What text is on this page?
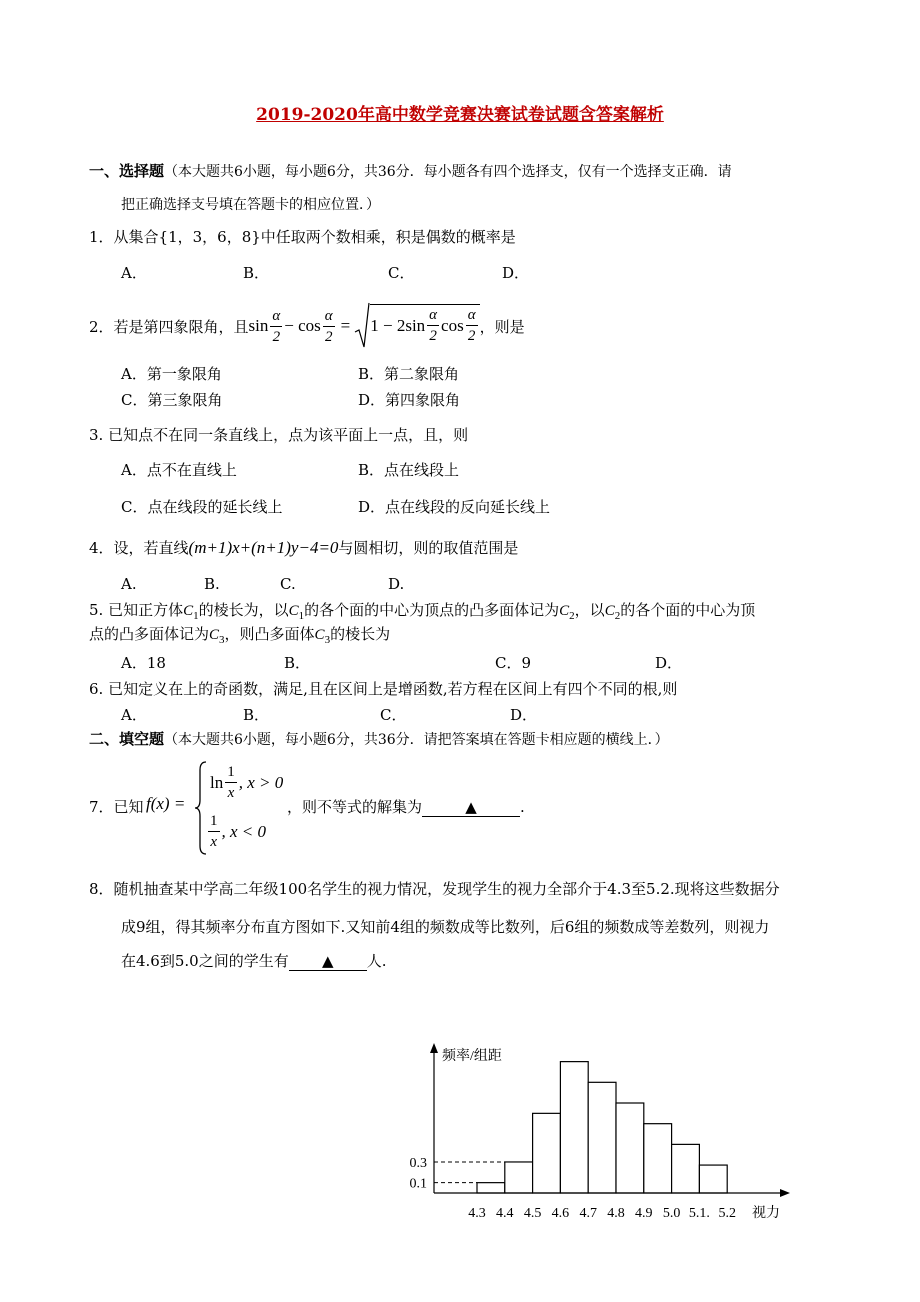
2019-2020年高中数学竞赛决赛试卷试题含答案解析
一、选择题（本大题共6小题，每小题6分，共36分．每小题各有四个选择支，仅有一个选择支正确．请
把正确选择支号填在答题卡的相应位置．）
1．从集合{1，3，6，8}中任取两个数相乘，积是偶数的概率是
A．	B．	C．	D．
2．若是第四象限角，且 $\sin \frac{\alpha}{2} - \cos \frac{\alpha}{2} = 1 - 2\sin \frac{\alpha}{2}$ $\cos \frac{\alpha}{2}$ ，则是
A．第一象限角	B．第二象限角
C．第三象限角	D．第四象限角
3. 已知点不在同一条直线上，点为该平面上一点，且，则
A．点不在直线上	B．点在线段上
C．点在线段的延长线上	D．点在线段的反向延长线上
4．设，若直线(m+1)x+(n+1)y−4=0与圆相切，则的取值范围是
A.	B.	C.	D.
5. 已知正方体$C_1$的棱长为，以$C_1$的各个面的中心为顶点的凸多面体记为$C_2$，以$C_2$的各个面的中心为顶
点的凸多面体记为$C_3$，则凸多面体$C_3$的棱长为
A．18	B．	C．9	D．
6. 已知定义在上的奇函数，满足,且在区间上是增函数,若方程在区间上有四个不同的根,则
A．	B．	C．	D．
二、填空题（本大题共6小题，每小题6分，共36分．请把答案填在答题卡相应题的横线上．）
7．已知 f(x) =
$\ln \frac{1}{x}$ , x > 0
$\frac{1}{x}$ , x < 0
，则不等式的解集为	▲	.
8．随机抽查某中学高二年级100名学生的视力情况，发现学生的视力全部介于4.3至5.2.现将这些数据分
成9组，得其频率分布直方图如下.又知前4组的频数成等比数列，后6组的频数成等差数列，则视力
在4.6到5.0之间的学生有 ▲ 人.
0.1
0.3
4.3 4.4 4.5 4.6 4.7 4.8 4.9 5.0 5.1. 5.2
频率/组距
视力
